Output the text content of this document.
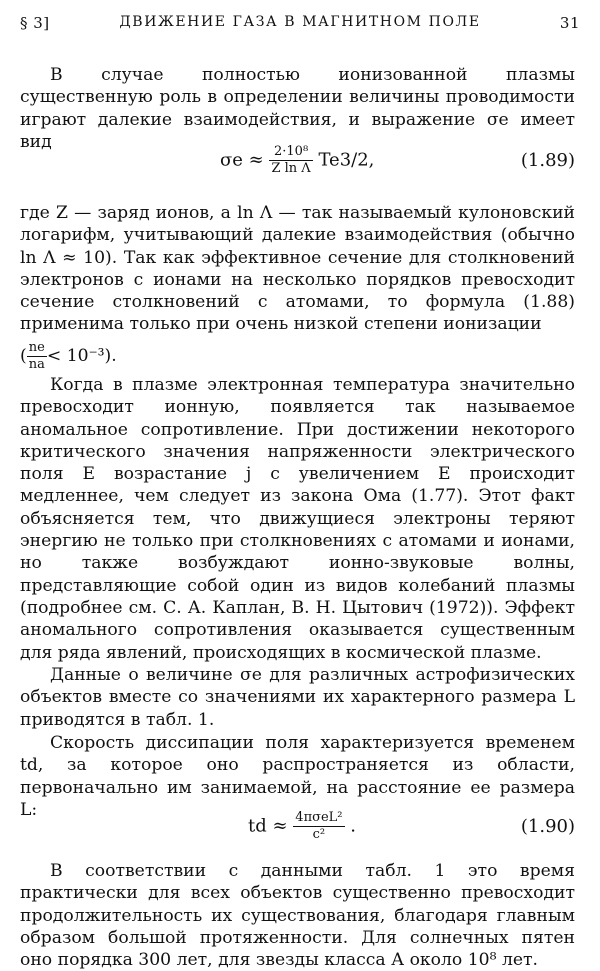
§ 3]	ДВИЖЕНИЕ ГАЗА В МАГНИТНОМ ПОЛЕ	31

В случае полностью ионизованной плазмы существенную роль в определении величины проводимости играют далекие взаимодействия, и выражение σe имеет вид

$\sigma e \approx \frac{\text{2·10⁸}}{\text{Z ln Λ}} Te3/2$,	(1.89)

где Z — заряд ионов, a ln Λ — так называемый кулоновский логарифм, учитывающий далекие взаимодействия (обычно ln Λ ≈ 10). Так как эффективное сечение для столкновений электронов с ионами на несколько порядков превосходит сечение столкновений с атомами, то формула (1.88) применима только при очень низкой степени ионизации

( $\frac{ne}{na} < 10^{-3}$).

Когда в плазме электронная температура значительно превосходит ионную, появляется так называемое аномальное сопротивление. При достижении некоторого критического значения напряженности электрического поля E возрастание j с увеличением E происходит медленнее, чем следует из закона Ома (1.77). Этот факт объясняется тем, что движущиеся электроны теряют энергию не только при столкновениях с атомами и ионами, но также возбуждают ионно-звуковые волны, представляющие собой один из видов колебаний плазмы (подробнее см. С. А. Каплан, В. Н. Цытович (1972)). Эффект аномального сопротивления оказывается существенным для ряда явлений, происходящих в космической плазме.

Данные о величине σe для различных астрофизических объектов вместе со значениями их характерного размера L приводятся в табл. 1.

Скорость диссипации поля характеризуется временем td, за которое оно распространяется из области, первоначально им занимаемой, на расстояние ее размера L:

td ≈ $\frac{\text{4πσeL²}}{\text{c²}}$ .	(1.90)

В соответствии с данными табл. 1 это время практически для всех объектов существенно превосходит продолжительность их существования, благодаря главным образом большой протяженности. Для солнечных пятен оно порядка 300 лет, для звезды класса А около 10⁸ лет.
